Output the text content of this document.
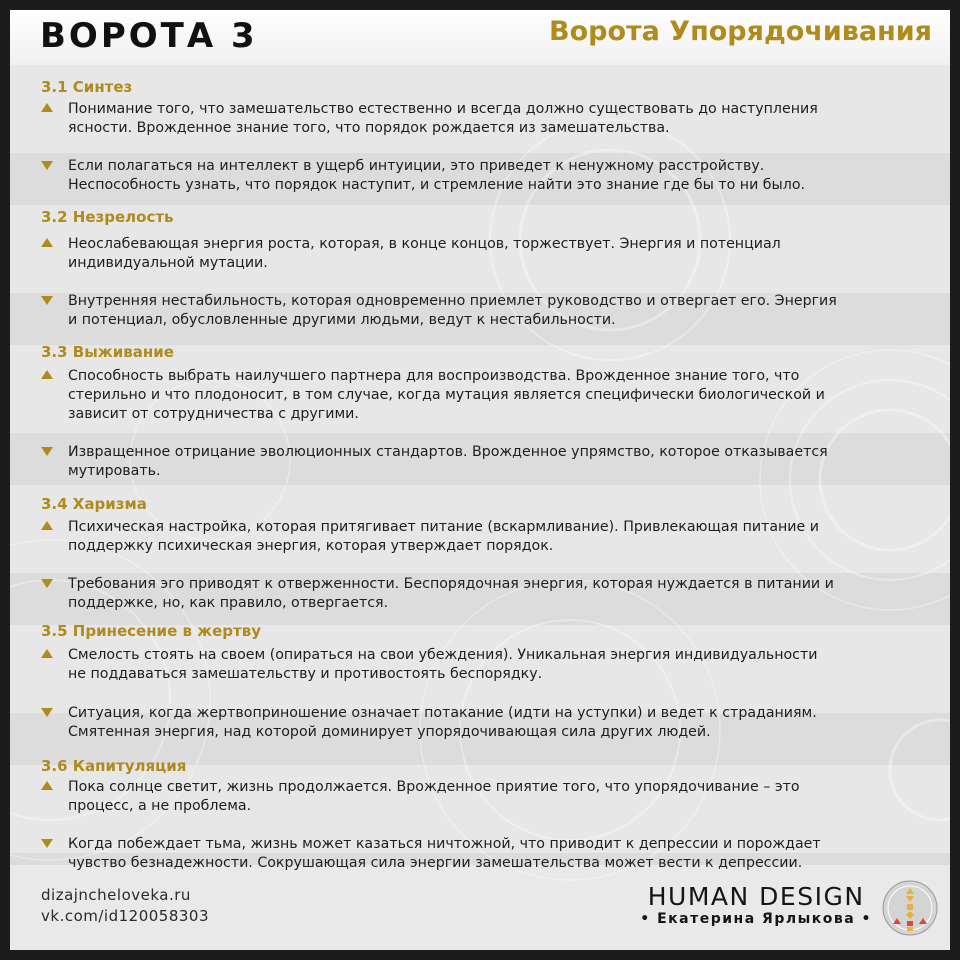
ВОРОТА 3	Ворота Упорядочивания
3.1 Синтез
Понимание того, что замешательство естественно и всегда должно существовать до наступления
ясности. Врожденное знание того, что порядок рождается из замешательства.
Если полагаться на интеллект в ущерб интуиции, это приведет к ненужному расстройству.
Неспособность узнать, что порядок наступит, и стремление найти это знание где бы то ни было.
3.2 Незрелость
Неослабевающая энергия роста, которая, в конце концов, торжествует. Энергия и потенциал
индивидуальной мутации.
Внутренняя нестабильность, которая одновременно приемлет руководство и отвергает его. Энергия
и потенциал, обусловленные другими людьми, ведут к нестабильности.
3.3 Выживание
Способность выбрать наилучшего партнера для воспроизводства. Врожденное знание того, что
стерильно и что плодоносит, в том случае, когда мутация является специфически биологической и
зависит от сотрудничества с другими.
Извращенное отрицание эволюционных стандартов. Врожденное упрямство, которое отказывается
мутировать.
3.4 Харизма
Психическая настройка, которая притягивает питание (вскармливание). Привлекающая питание и
поддержку психическая энергия, которая утверждает порядок.
Требования эго приводят к отверженности. Беспорядочная энергия, которая нуждается в питании и
поддержке, но, как правило, отвергается.
3.5 Принесение в жертву
Смелость стоять на своем (опираться на свои убеждения). Уникальная энергия индивидуальности
не поддаваться замешательству и противостоять беспорядку.
Ситуация, когда жертвоприношение означает потакание (идти на уступки) и ведет к страданиям.
Смятенная энергия, над которой доминирует упорядочивающая сила других людей.
3.6 Капитуляция
Пока солнце светит, жизнь продолжается. Врожденное приятие того, что упорядочивание – это
процесс, а не проблема.
Когда побеждает тьма, жизнь может казаться ничтожной, что приводит к депрессии и порождает
чувство безнадежности. Сокрушающая сила энергии замешательства может вести к депрессии.
dizajncheloveka.ru
vk.com/id120058303
HUMAN DESIGN
• Екатерина Ярлыкова •
